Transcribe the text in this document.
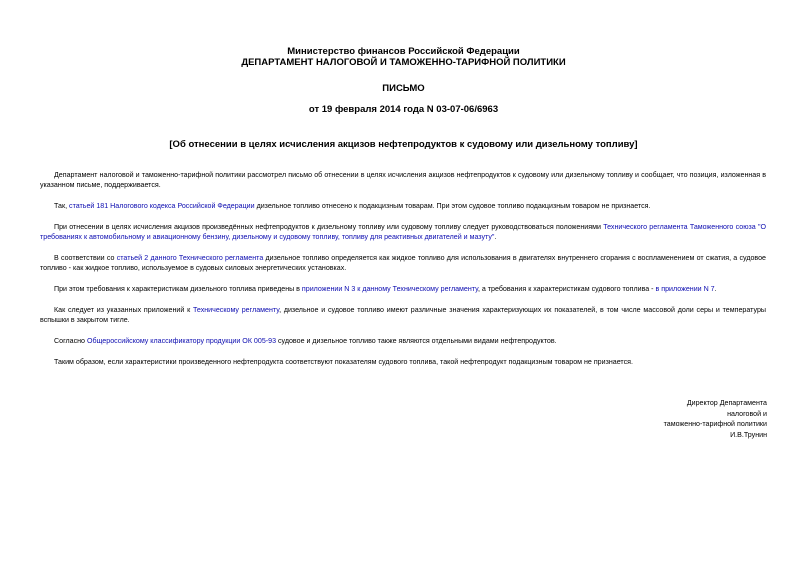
Министерство финансов Российской Федерации
ДЕПАРТАМЕНТ НАЛОГОВОЙ И ТАМОЖЕННО-ТАРИФНОЙ ПОЛИТИКИ
ПИСЬМО
от 19 февраля 2014 года N 03-07-06/6963
[Об отнесении в целях исчисления акцизов нефтепродуктов к судовому или дизельному топливу]

Департамент налоговой и таможенно-тарифной политики рассмотрел письмо об отнесении в целях исчисления акцизов нефтепродуктов к судовому или дизельному топливу и сообщает, что позиция, изложенная в указанном письме, поддерживается.

Так, статьей 181 Налогового кодекса Российской Федерации дизельное топливо отнесено к подакцизным товарам. При этом судовое топливо подакцизным товаром не признается.

При отнесении в целях исчисления акцизов произведённых нефтепродуктов к дизельному топливу или судовому топливу следует руководствоваться положениями Технического регламента Таможенного союза "О требованиях к автомобильному и авиационному бензину, дизельному и судовому топливу, топливу для реактивных двигателей и мазуту".

В соответствии со статьей 2 данного Технического регламента дизельное топливо определяется как жидкое топливо для использования в двигателях внутреннего сгорания с воспламенением от сжатия, а судовое топливо - как жидкое топливо, используемое в судовых силовых энергетических установках.

При этом требования к характеристикам дизельного топлива приведены в приложении N 3 к данному Техническому регламенту, а требования к характеристикам судового топлива - в приложении N 7.

Как следует из указанных приложений к Техническому регламенту, дизельное и судовое топливо имеют различные значения характеризующих их показателей, в том числе массовой доли серы и температуры вспышки в закрытом тигле.

Согласно Общероссийскому классификатору продукции ОК 005-93 судовое и дизельное топливо также являются отдельными видами нефтепродуктов.

Таким образом, если характеристики произведенного нефтепродукта соответствуют показателям судового топлива, такой нефтепродукт подакцизным товаром не признается.

Директор Департамента
налоговой и
таможенно-тарифной политики
И.В.Трунин
